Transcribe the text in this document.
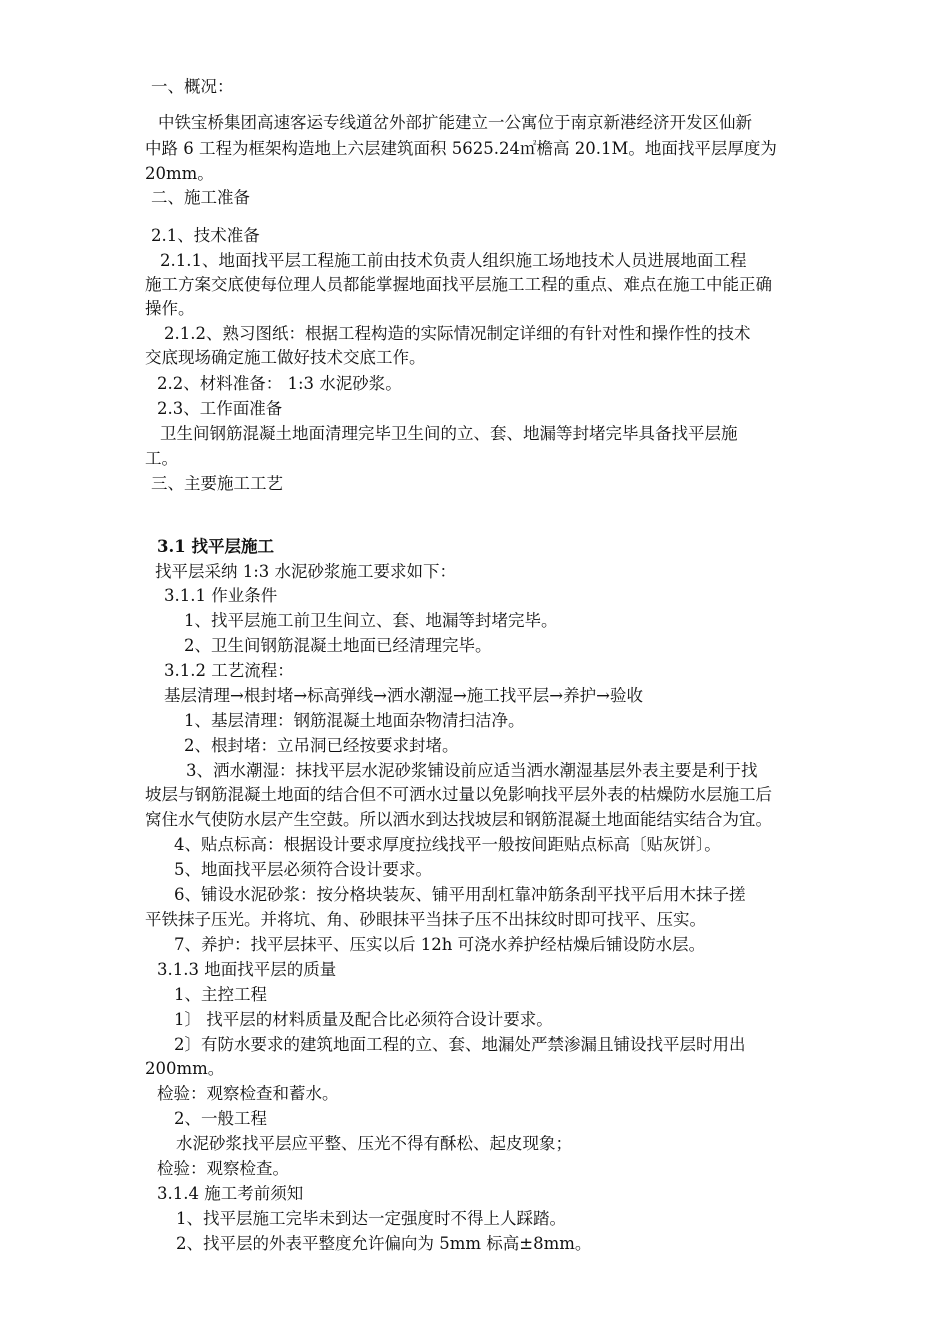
一、概况：

中铁宝桥集团高速客运专线道岔外部扩能建立一公寓位于南京新港经济开发区仙新

中路 6 工程为框架构造地上六层建筑面积 5625.24㎡檐高 20.1M。地面找平层厚度为

20mm。

二、施工准备

2.1、技术准备

2.1.1、地面找平层工程施工前由技术负责人组织施工场地技术人员进展地面工程

施工方案交底使每位理人员都能掌握地面找平层施工工程的重点、难点在施工中能正确

操作。

2.1.2、熟习图纸：根据工程构造的实际情况制定详细的有针对性和操作性的技术

交底现场确定施工做好技术交底工作。

2.2、材料准备： 1:3 水泥砂浆。

2.3、工作面准备

卫生间钢筋混凝土地面清理完毕卫生间的立、套、地漏等封堵完毕具备找平层施

工。

三、主要施工工艺

3.1 找平层施工

找平层采纳 1:3 水泥砂浆施工要求如下：

3.1.1 作业条件

1、找平层施工前卫生间立、套、地漏等封堵完毕。

2、卫生间钢筋混凝土地面已经清理完毕。

3.1.2 工艺流程：

基层清理→根封堵→标高弹线→洒水潮湿→施工找平层→养护→验收

1、基层清理：钢筋混凝土地面杂物清扫洁净。

2、根封堵：立吊洞已经按要求封堵。

3、洒水潮湿：抹找平层水泥砂浆铺设前应适当洒水潮湿基层外表主要是利于找

坡层与钢筋混凝土地面的结合但不可洒水过量以免影响找平层外表的枯燥防水层施工后

窝住水气使防水层产生空鼓。所以洒水到达找坡层和钢筋混凝土地面能结实结合为宜。

4、贴点标高：根据设计要求厚度拉线找平一般按间距贴点标高〔贴灰饼〕。

5、地面找平层必须符合设计要求。

6、铺设水泥砂浆：按分格块装灰、铺平用刮杠靠冲筋条刮平找平后用木抹子搓

平铁抹子压光。并将坑、角、砂眼抹平当抹子压不出抹纹时即可找平、压实。

7、养护：找平层抹平、压实以后 12h 可浇水养护经枯燥后铺设防水层。

3.1.3 地面找平层的质量

1、主控工程

1〕 找平层的材料质量及配合比必须符合设计要求。

2〕有防水要求的建筑地面工程的立、套、地漏处严禁渗漏且铺设找平层时用出

200mm。

检验：观察检查和蓄水。

2、一般工程

水泥砂浆找平层应平整、压光不得有酥松、起皮现象；

检验：观察检查。

3.1.4 施工考前须知

1、找平层施工完毕未到达一定强度时不得上人踩踏。

2、找平层的外表平整度允许偏向为 5mm 标高±8mm。
